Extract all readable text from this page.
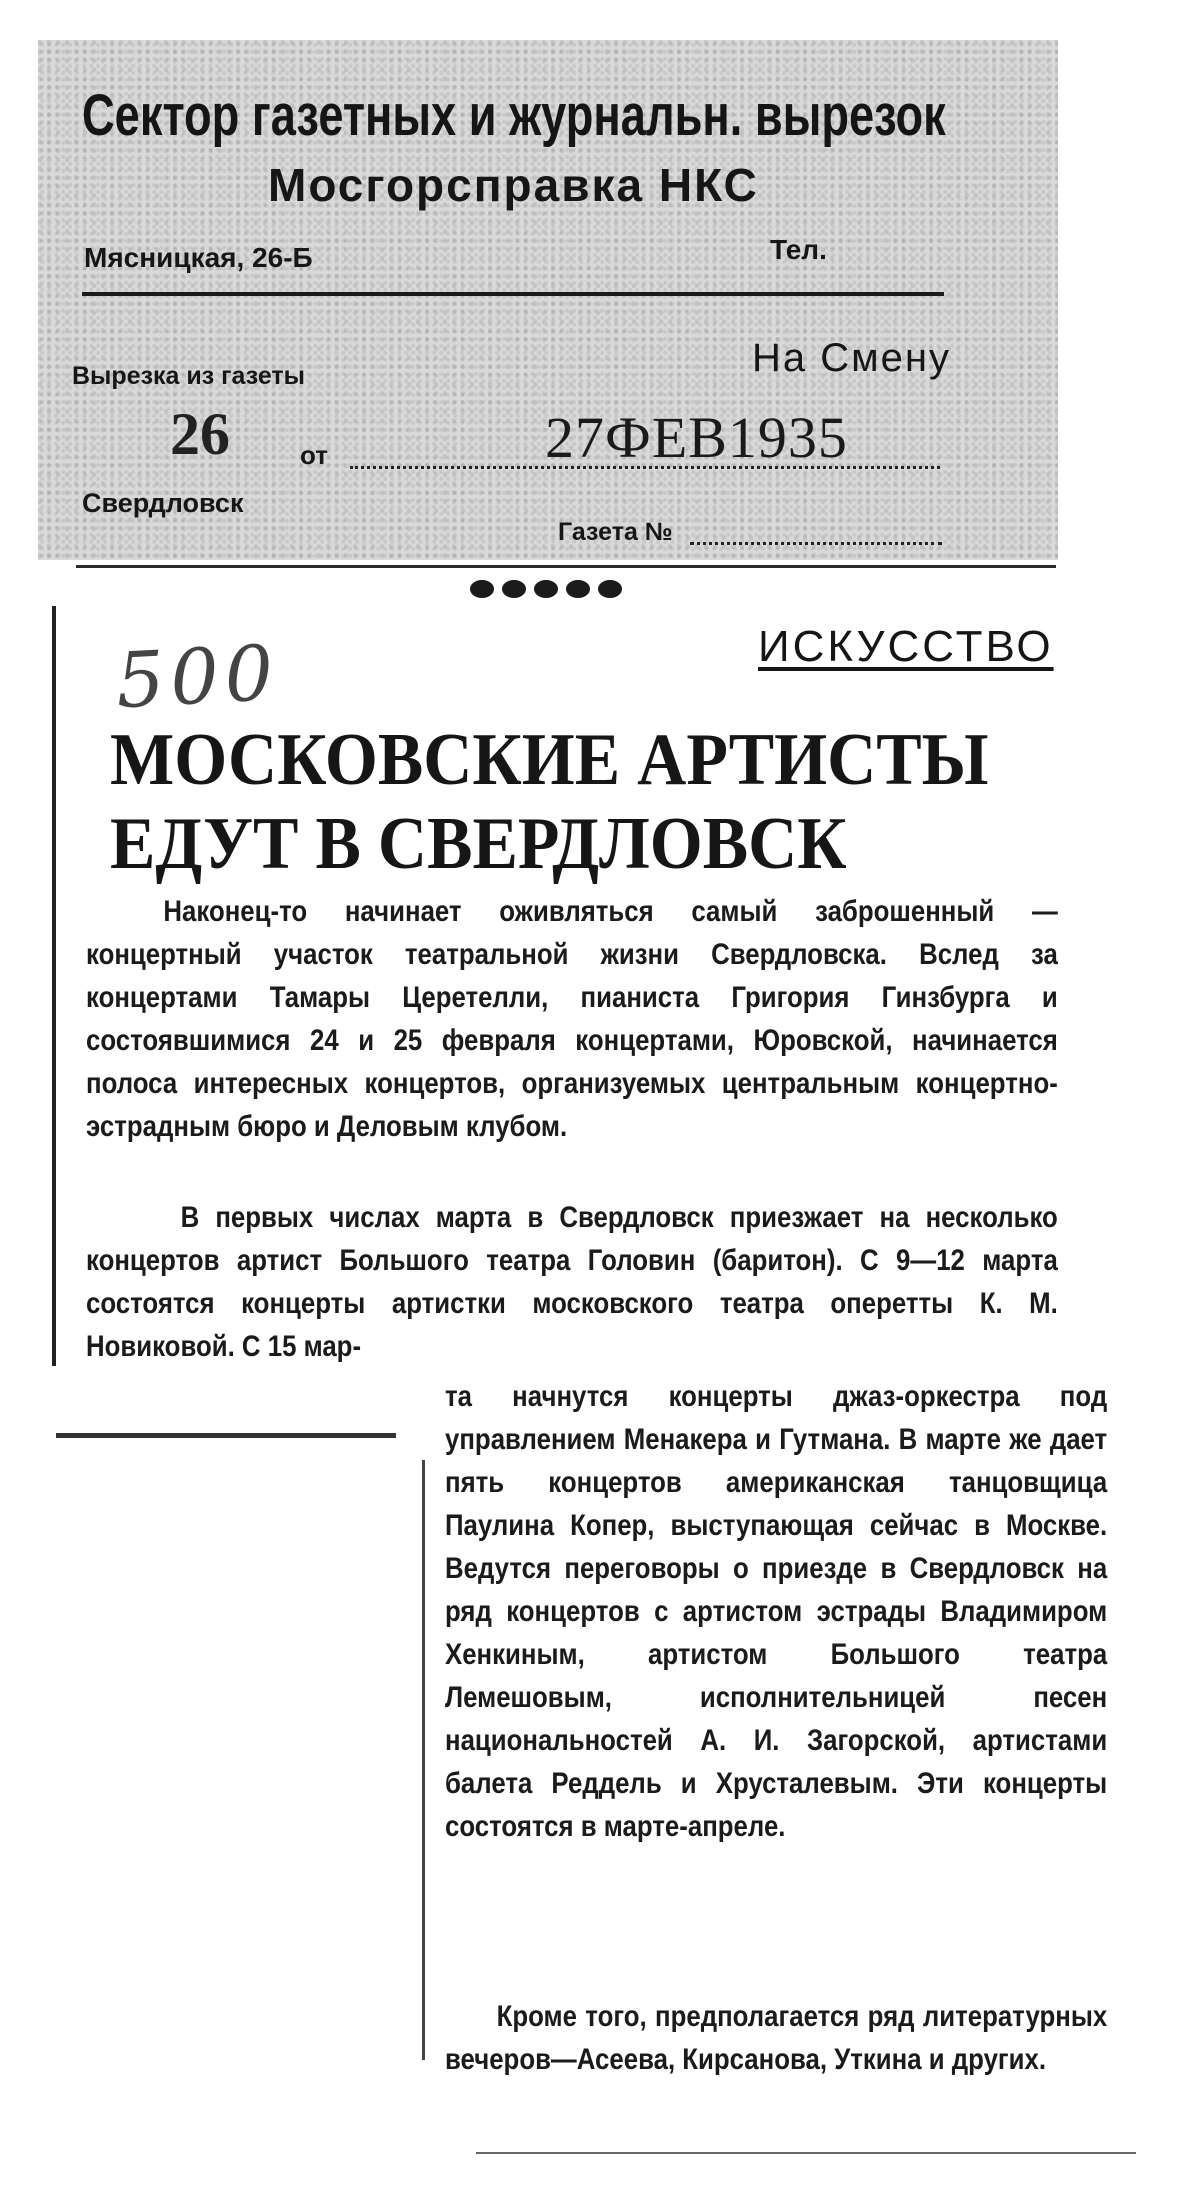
Сектор газетных и журнальн. вырезок
Мосгорсправка НКС
Мясницкая, 26-Б	Тел.
Вырезка из газеты	На Смену
26	от	27ФЕВ1935
Свердловск
Газета №
ИСКУССТВО
500
МОСКОВСКИЕ АРТИСТЫ
ЕДУТ В СВЕРДЛОВСК
Наконец-то начинает оживляться самый заброшенный —концертный участок театральной жизни Свердловска. Вслед за концертами Тамары Церетелли, пианиста Григория Гинзбурга и состоявшимися 24 и 25 февраля концертами, Юровской, начинается полоса интересных концертов, организуемых центральным концертно-эстрадным бюро и Деловым клубом.
В первых числах марта в Свердловск приезжает на несколько концертов артист Большого театра Головин (баритон). С 9—12 марта состоятся концерты артистки московского театра оперетты К. М. Новиковой. С 15 мар-
та начнутся концерты джаз-оркестра под управлением Менакера и Гутмана. В марте же дает пять концертов американская танцовщица Паулина Копер, выступающая сейчас в Москве. Ведутся переговоры о приезде в Свердловск на ряд концертов с артистом эстрады Владимиром Хенкиным, артистом Большого театра Лемешовым, исполнительницей песен национальностей А. И. Загорской, артистами балета Реддель и Хрусталевым. Эти концерты состоятся в марте-апреле.
Кроме того, предполагается ряд литературных вечеров—Асеева, Кирсанова, Уткина и других.
